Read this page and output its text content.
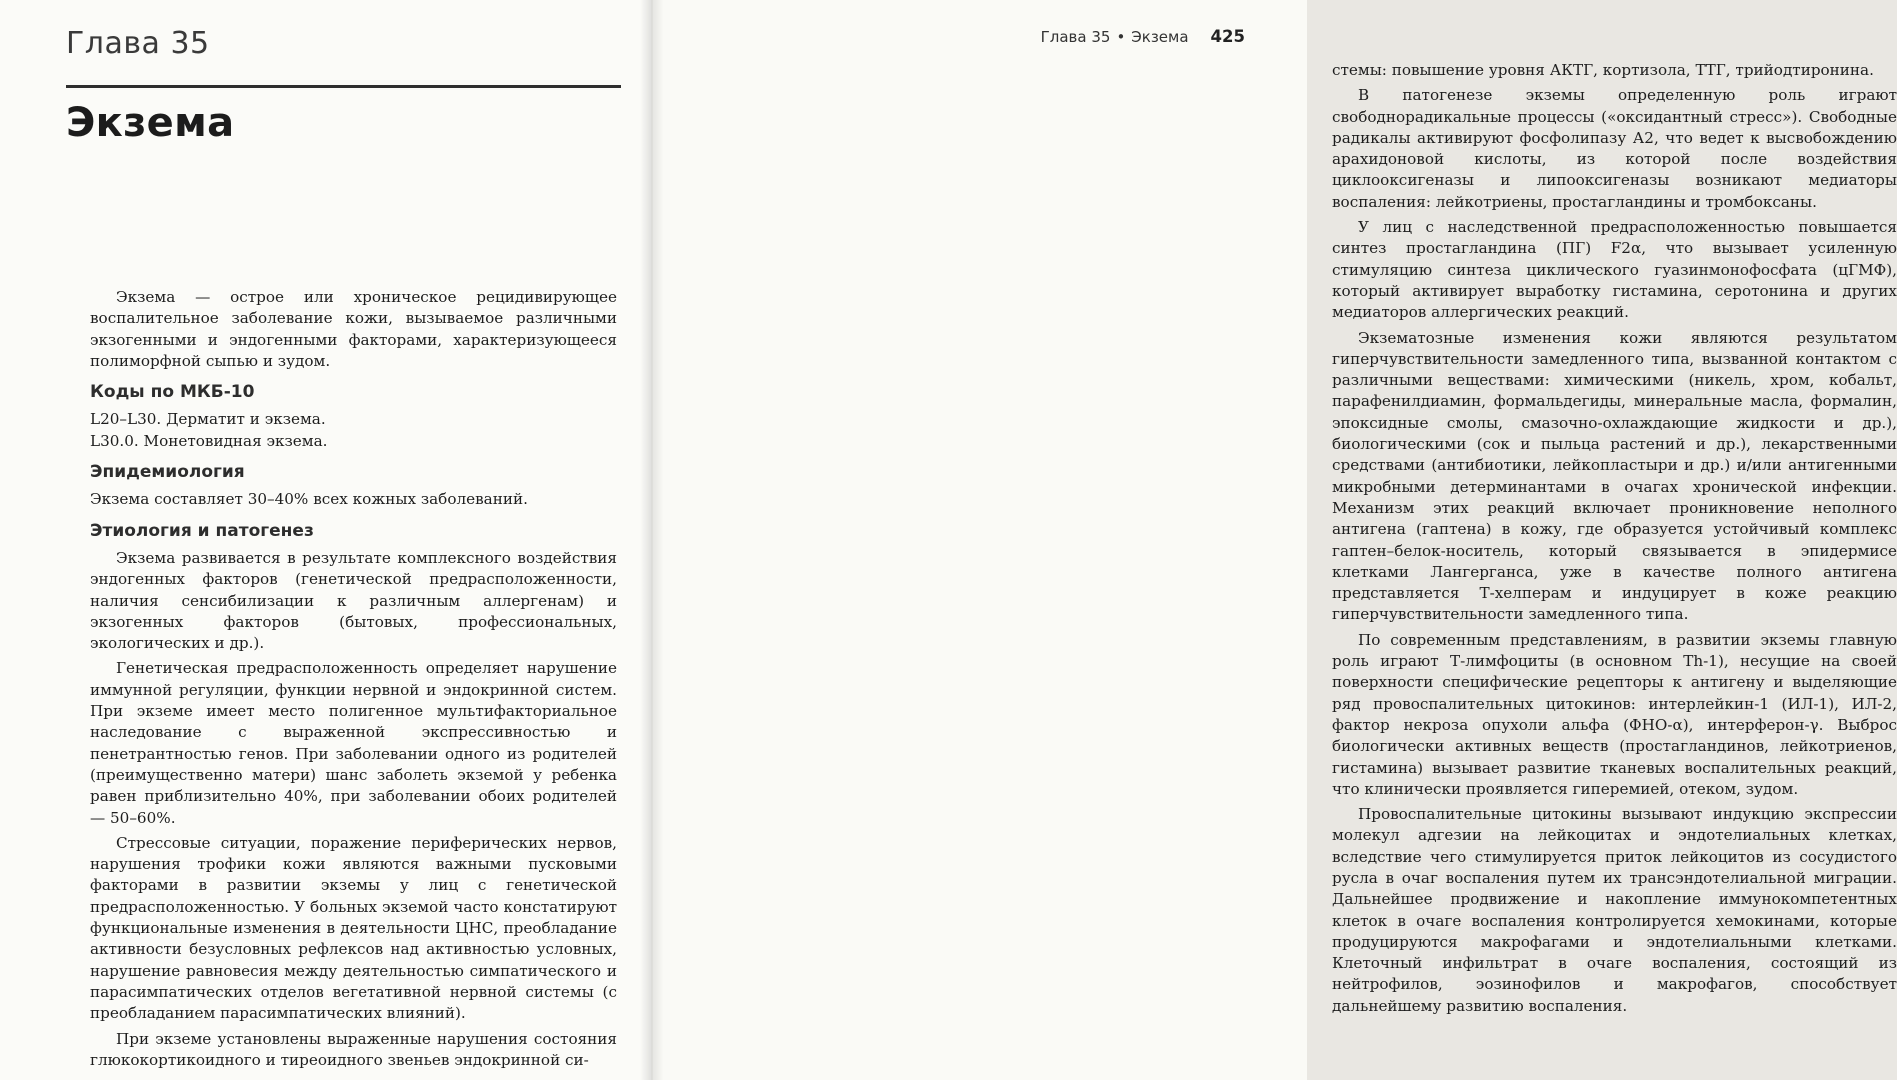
Глава 35
Экзема

Экзема — острое или хроническое рецидивирующее воспалительное заболевание кожи, вызываемое различными экзогенными и эндогенными факторами, характеризующееся полиморфной сыпью и зудом.

Коды по МКБ-10
L20–L30. Дерматит и экзема.
L30.0. Монетовидная экзема.
Эпидемиология

Экзема составляет 30–40% всех кожных заболеваний.

Этиология и патогенез

Экзема развивается в результате комплексного воздействия эндогенных факторов (генетической предрасположенности, наличия сенсибилизации к различным аллергенам) и экзогенных факторов (бытовых, профессиональных, экологических и др.).

Генетическая предрасположенность определяет нарушение иммунной регуляции, функции нервной и эндокринной систем. При экземе имеет место полигенное мультифакториальное наследование с выраженной экспрессивностью и пенетрантностью генов. При заболевании одного из родителей (преимущественно матери) шанс заболеть экземой у ребенка равен приблизительно 40%, при заболевании обоих родителей — 50–60%.

Стрессовые ситуации, поражение периферических нервов, нарушения трофики кожи являются важными пусковыми факторами в развитии экземы у лиц с генетической предрасположенностью. У больных экземой часто констатируют функциональные изменения в деятельности ЦНС, преобладание активности безусловных рефлексов над активностью условных, нарушение равновесия между деятельностью симпатического и парасимпатических отделов вегетативной нервной системы (с преобладанием парасимпатических влияний).

При экземе установлены выраженные нарушения состояния глюкокортикоидного и тиреоидного звеньев эндокринной си-

Глава 35 • Экзема 425

стемы: повышение уровня АКТГ, кортизола, ТТГ, трийодтиронина.

В патогенезе экземы определенную роль играют свободнорадикальные процессы («оксидантный стресс»). Свободные радикалы активируют фосфолипазу А2, что ведет к высвобождению арахидоновой кислоты, из которой после воздействия циклооксигеназы и липооксигеназы возникают медиаторы воспаления: лейкотриены, простагландины и тромбоксаны.

У лиц с наследственной предрасположенностью повышается синтез простагландина (ПГ) F2α, что вызывает усиленную стимуляцию синтеза циклического гуазинмонофосфата (цГМФ), который активирует выработку гистамина, серотонина и других медиаторов аллергических реакций.

Экзематозные изменения кожи являются результатом гиперчувствительности замедленного типа, вызванной контактом с различными веществами: химическими (никель, хром, кобальт, парафенилдиамин, формальдегиды, минеральные масла, формалин, эпоксидные смолы, смазочно-охлаждающие жидкости и др.), биологическими (сок и пыльца растений и др.), лекарственными средствами (антибиотики, лейкопластыри и др.) и/или антигенными микробными детерминантами в очагах хронической инфекции. Механизм этих реакций включает проникновение неполного антигена (гаптена) в кожу, где образуется устойчивый комплекс гаптен–белок-носитель, который связывается в эпидермисе клетками Лангерганса, уже в качестве полного антигена представляется Т-хелперам и индуцирует в коже реакцию гиперчувствительности замедленного типа.

По современным представлениям, в развитии экземы главную роль играют Т-лимфоциты (в основном Th-1), несущие на своей поверхности специфические рецепторы к антигену и выделяющие ряд провоспалительных цитокинов: интерлейкин-1 (ИЛ-1), ИЛ-2, фактор некроза опухоли альфа (ФНО-α), интерферон-γ. Выброс биологически активных веществ (простагландинов, лейкотриенов, гистамина) вызывает развитие тканевых воспалительных реакций, что клинически проявляется гиперемией, отеком, зудом.

Провоспалительные цитокины вызывают индукцию экспрессии молекул адгезии на лейкоцитах и эндотелиальных клетках, вследствие чего стимулируется приток лейкоцитов из сосудистого русла в очаг воспаления путем их трансэндотелиальной миграции. Дальнейшее продвижение и накопление иммунокомпетентных клеток в очаге воспаления контролируется хемокинами, которые продуцируются макрофагами и эндотелиальными клетками. Клеточный инфильтрат в очаге воспаления, состоящий из нейтрофилов, эозинофилов и макрофагов, способствует дальнейшему развитию воспаления.
